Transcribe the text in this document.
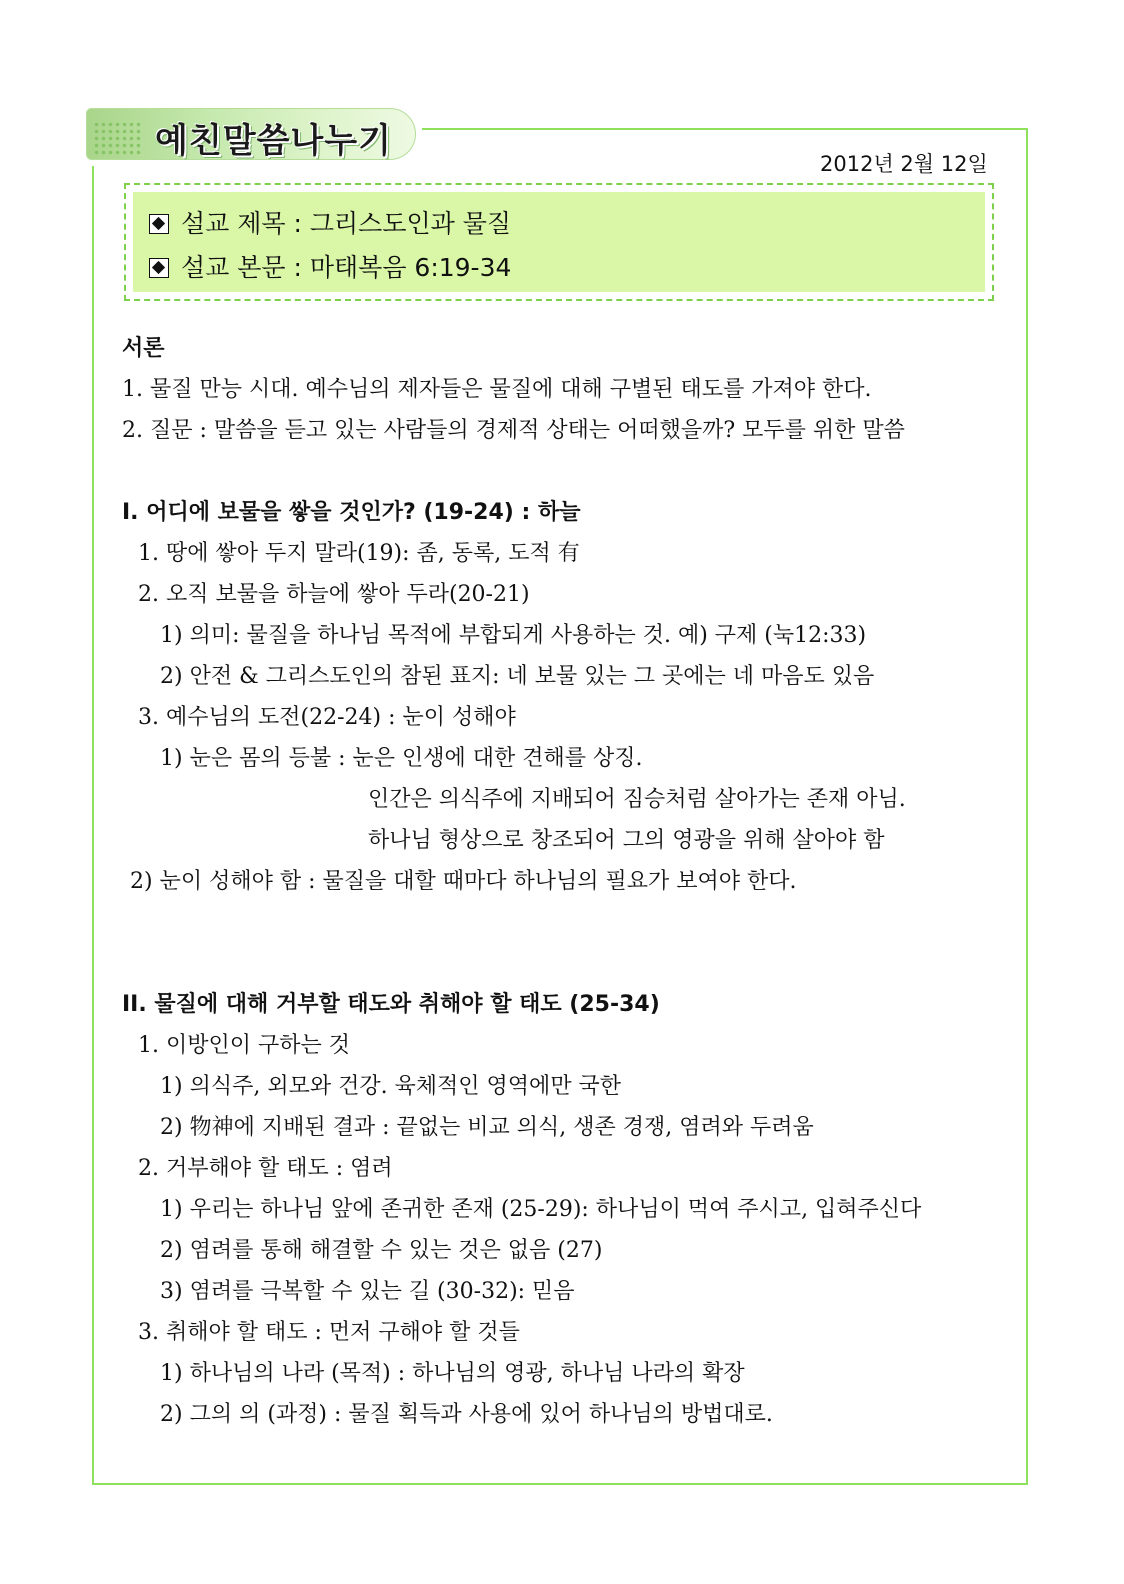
예친말씀나누기
2012년 2월 12일
설교 제목 : 그리스도인과 물질
설교 본문 : 마태복음 6:19-34
서론
1. 물질 만능 시대. 예수님의 제자들은 물질에 대해 구별된 태도를 가져야 한다.
2. 질문 : 말씀을 듣고 있는 사람들의 경제적 상태는 어떠했을까? 모두를 위한 말씀
I. 어디에 보물을 쌓을 것인가? (19-24) : 하늘
1. 땅에 쌓아 두지 말라(19): 좀, 동록, 도적 有
2. 오직 보물을 하늘에 쌓아 두라(20-21)
1) 의미: 물질을 하나님 목적에 부합되게 사용하는 것. 예) 구제 (눅12:33)
2) 안전 & 그리스도인의 참된 표지: 네 보물 있는 그 곳에는 네 마음도 있음
3. 예수님의 도전(22-24) : 눈이 성해야
1) 눈은 몸의 등불 : 눈은 인생에 대한 견해를 상징.
인간은 의식주에 지배되어 짐승처럼 살아가는 존재 아님.
하나님 형상으로 창조되어 그의 영광을 위해 살아야 함
2) 눈이 성해야 함 : 물질을 대할 때마다 하나님의 필요가 보여야 한다.
II. 물질에 대해 거부할 태도와 취해야 할 태도 (25-34)
1. 이방인이 구하는 것
1) 의식주, 외모와 건강. 육체적인 영역에만 국한
2) 物神에 지배된 결과 : 끝없는 비교 의식, 생존 경쟁, 염려와 두려움
2. 거부해야 할 태도 : 염려
1) 우리는 하나님 앞에 존귀한 존재 (25-29): 하나님이 먹여 주시고, 입혀주신다
2) 염려를 통해 해결할 수 있는 것은 없음 (27)
3) 염려를 극복할 수 있는 길 (30-32): 믿음
3. 취해야 할 태도 : 먼저 구해야 할 것들
1) 하나님의 나라 (목적) : 하나님의 영광, 하나님 나라의 확장
2) 그의 의 (과정) : 물질 획득과 사용에 있어 하나님의 방법대로.
